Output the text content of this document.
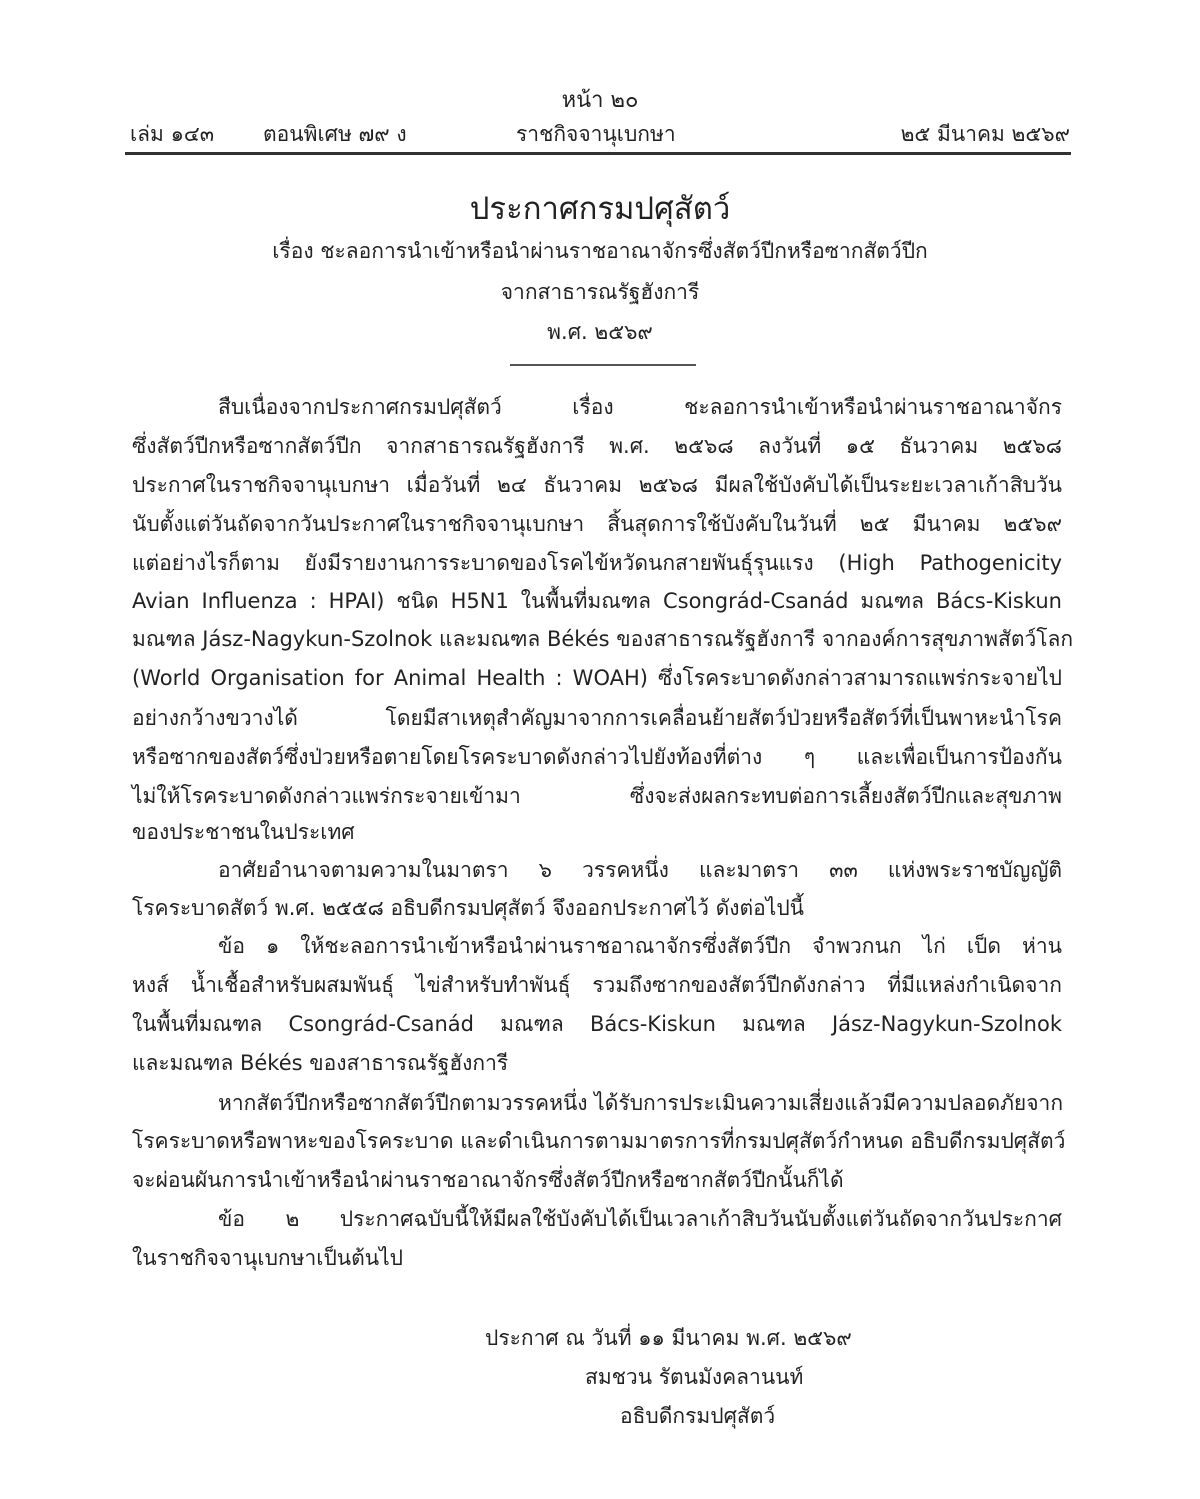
หน้า ๒๐
เล่ม ๑๔๓ ตอนพิเศษ ๗๙ ง	ราชกิจจานุเบกษา	๒๕ มีนาคม ๒๕๖๙
ประกาศกรมปศุสัตว์
เรื่อง ชะลอการนำเข้าหรือนำผ่านราชอาณาจักรซึ่งสัตว์ปีกหรือซากสัตว์ปีก
จากสาธารณรัฐฮังการี
พ.ศ. ๒๕๖๙
สืบเนื่องจากประกาศกรมปศุสัตว์ เรื่อง ชะลอการนำเข้าหรือนำผ่านราชอาณาจักร
ซึ่งสัตว์ปีกหรือซากสัตว์ปีก จากสาธารณรัฐฮังการี พ.ศ. ๒๕๖๘ ลงวันที่ ๑๕ ธันวาคม ๒๕๖๘
ประกาศในราชกิจจานุเบกษา เมื่อวันที่ ๒๔ ธันวาคม ๒๕๖๘ มีผลใช้บังคับได้เป็นระยะเวลาเก้าสิบวัน
นับตั้งแต่วันถัดจากวันประกาศในราชกิจจานุเบกษา สิ้นสุดการใช้บังคับในวันที่ ๒๕ มีนาคม ๒๕๖๙
แต่อย่างไรก็ตาม ยังมีรายงานการระบาดของโรคไข้หวัดนกสายพันธุ์รุนแรง (High Pathogenicity
Avian Influenza : HPAI) ชนิด H5N1 ในพื้นที่มณฑล Csongrád-Csanád มณฑล Bács-Kiskun
มณฑล Jász-Nagykun-Szolnok และมณฑล Békés ของสาธารณรัฐฮังการี จากองค์การสุขภาพสัตว์โลก
(World Organisation for Animal Health : WOAH) ซึ่งโรคระบาดดังกล่าวสามารถแพร่กระจายไป
อย่างกว้างขวางได้ โดยมีสาเหตุสำคัญมาจากการเคลื่อนย้ายสัตว์ป่วยหรือสัตว์ที่เป็นพาหะนำโรค
หรือซากของสัตว์ซึ่งป่วยหรือตายโดยโรคระบาดดังกล่าวไปยังท้องที่ต่าง ๆ และเพื่อเป็นการป้องกัน
ไม่ให้โรคระบาดดังกล่าวแพร่กระจายเข้ามา ซึ่งจะส่งผลกระทบต่อการเลี้ยงสัตว์ปีกและสุขภาพ
ของประชาชนในประเทศ
อาศัยอำนาจตามความในมาตรา ๖ วรรคหนึ่ง และมาตรา ๓๓ แห่งพระราชบัญญัติ
โรคระบาดสัตว์ พ.ศ. ๒๕๕๘ อธิบดีกรมปศุสัตว์ จึงออกประกาศไว้ ดังต่อไปนี้
ข้อ ๑ ให้ชะลอการนำเข้าหรือนำผ่านราชอาณาจักรซึ่งสัตว์ปีก จำพวกนก ไก่ เป็ด ห่าน
หงส์ น้ำเชื้อสำหรับผสมพันธุ์ ไข่สำหรับทำพันธุ์ รวมถึงซากของสัตว์ปีกดังกล่าว ที่มีแหล่งกำเนิดจาก
ในพื้นที่มณฑล Csongrád-Csanád มณฑล Bács-Kiskun มณฑล Jász-Nagykun-Szolnok
และมณฑล Békés ของสาธารณรัฐฮังการี
หากสัตว์ปีกหรือซากสัตว์ปีกตามวรรคหนึ่ง ได้รับการประเมินความเสี่ยงแล้วมีความปลอดภัยจาก
โรคระบาดหรือพาหะของโรคระบาด และดำเนินการตามมาตรการที่กรมปศุสัตว์กำหนด อธิบดีกรมปศุสัตว์
จะผ่อนผันการนำเข้าหรือนำผ่านราชอาณาจักรซึ่งสัตว์ปีกหรือซากสัตว์ปีกนั้นก็ได้
ข้อ ๒ ประกาศฉบับนี้ให้มีผลใช้บังคับได้เป็นเวลาเก้าสิบวันนับตั้งแต่วันถัดจากวันประกาศ
ในราชกิจจานุเบกษาเป็นต้นไป
ประกาศ ณ วันที่ ๑๑ มีนาคม พ.ศ. ๒๕๖๙
สมชวน รัตนมังคลานนท์
อธิบดีกรมปศุสัตว์
